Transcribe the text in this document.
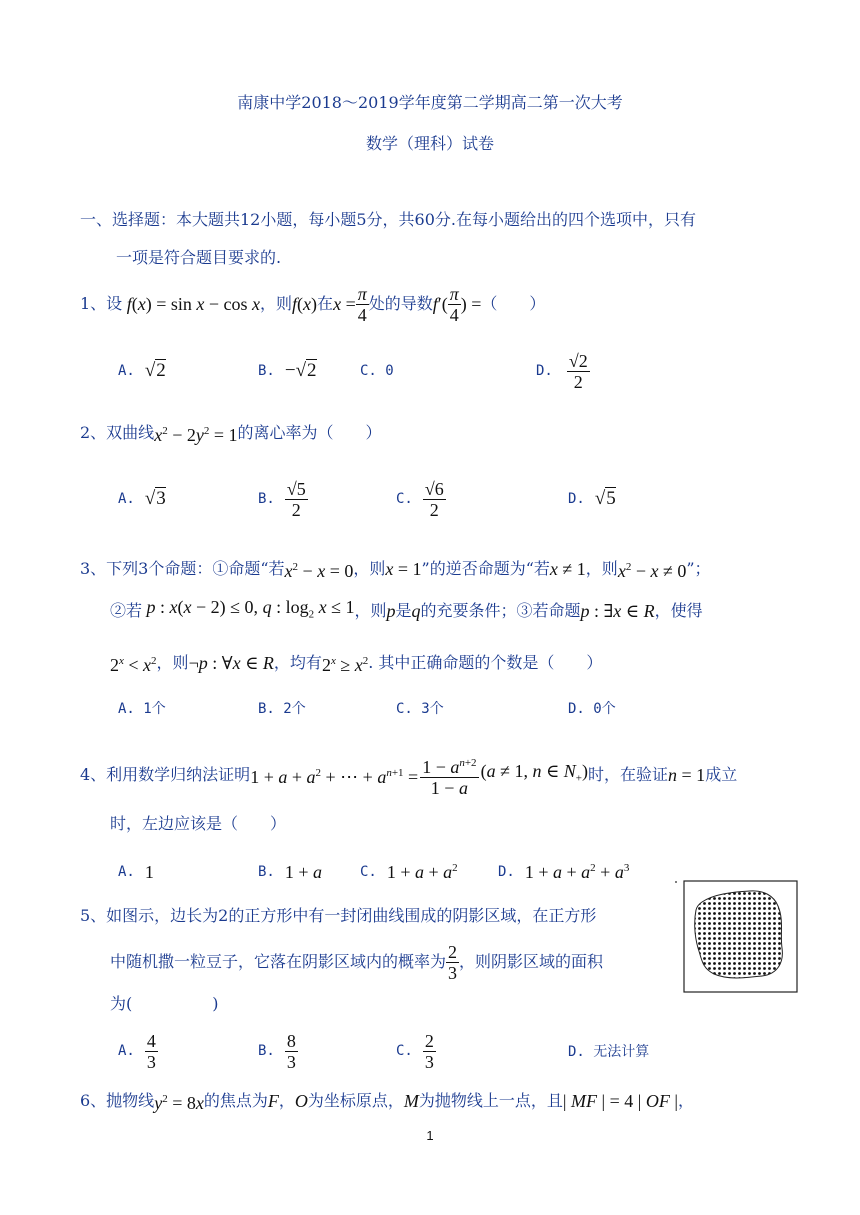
南康中学2018～2019学年度第二学期高二第一次大考
数学（理科）试卷
一、选择题：本大题共12小题，每小题5分，共60分.在每小题给出的四个选项中，只有
一项是符合题目要求的.
1、设 f(x) = sin x − cos x ，则 f(x) 在 $x = \frac{\pi}{4}$ 处的导数 $f'( \frac{\pi}{4}$ ) = （　　）
A. √2	B. −√2	C. 0	D. $\frac{√2}{2}$
2、双曲线 $x^2 - 2y^2 = 1$ 的离心率为（　　）
A. √3	B. $\frac{√5}{2}$	C. $\frac{√6}{2}$	D. √5
3、下列3个命题：①命题“若 $x^2 - x = 0$ ，则 x = 1 ”的逆否命题为“若 x ≠ 1 ，则 $x^2 - x \ne 0$ ”；
②若 p : x(x − 2) ≤ 0, q : $\log_2 x \le 1$ ，则 p 是 q 的充要条件；③若命题 p : ∃x ∈ R ，使得
$2^x < x^2$ ，则 ¬p : ∀x ∈ R ，均有 $2^x \ge x^2$ . 其中正确命题的个数是（　　）
A. 1个	B. 2个	C. 3个	D. 0个
4、利用数学归纳法证明 $1 + a + a^2$ + ⋯ + $a^{n+1} = \frac{1 - a^{n+2}}{1 - a} (a \ne 1$, n ∈ $N_+$) 时，在验证 n = 1 成立
时，左边应该是（　　）
A. 1	B. 1 + a	C. $1 + a + a^2$	D. $1 + a + a^2 + a^3$
5、如图示，边长为2的正方形中有一封闭曲线围成的阴影区域，在正方形
中随机撒一粒豆子，它落在阴影区域内的概率为 $\frac{2}{3}$ ，则阴影区域的面积
为(　　　　　)
A. $\frac{4}{3}$	B. $\frac{8}{3}$	C. $\frac{2}{3}$	D. 无法计算
6、抛物线 $y^2 = 8x$ 的焦点为 F ， O 为坐标原点， M 为抛物线上一点，且 | MF | = 4 | OF | ，
1
